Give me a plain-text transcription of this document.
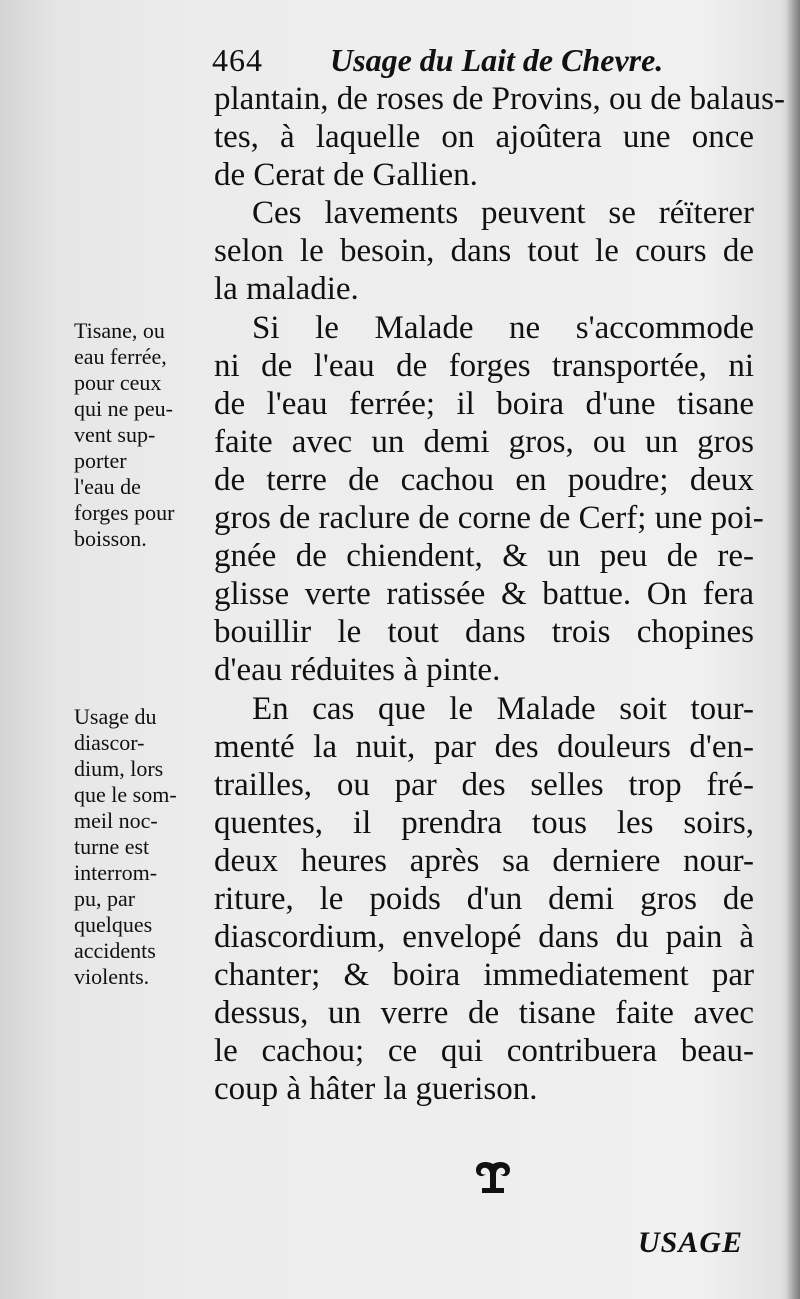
464 Usage du Lait de Chevre.
plantain, de roses de Provins, ou de balaus-
tes, à laquelle on ajoûtera une once
de Cerat de Gallien.
Ces lavements peuvent se réïterer
selon le besoin, dans tout le cours de
la maladie.
Si le Malade ne s'accommode
ni de l'eau de forges transportée, ni
de l'eau ferrée; il boira d'une tisane
faite avec un demi gros, ou un gros
de terre de cachou en poudre; deux
gros de raclure de corne de Cerf; une poi-
gnée de chiendent, & un peu de re-
glisse verte ratissée & battue. On fera
bouillir le tout dans trois chopines
d'eau réduites à pinte.
En cas que le Malade soit tour-
menté la nuit, par des douleurs d'en-
trailles, ou par des selles trop fré-
quentes, il prendra tous les soirs,
deux heures après sa derniere nour-
riture, le poids d'un demi gros de
diascordium, envelopé dans du pain à
chanter; & boira immediatement par
dessus, un verre de tisane faite avec
le cachou; ce qui contribuera beau-
coup à hâter la guerison.
Tisane, ou
eau ferrée,
pour ceux
qui ne peu-
vent sup-
porter
l'eau de
forges pour
boisson.
Usage du
diascor-
dium, lors
que le som-
meil noc-
turne est
interrom-
pu, par
quelques
accidents
violents.
USAGE
